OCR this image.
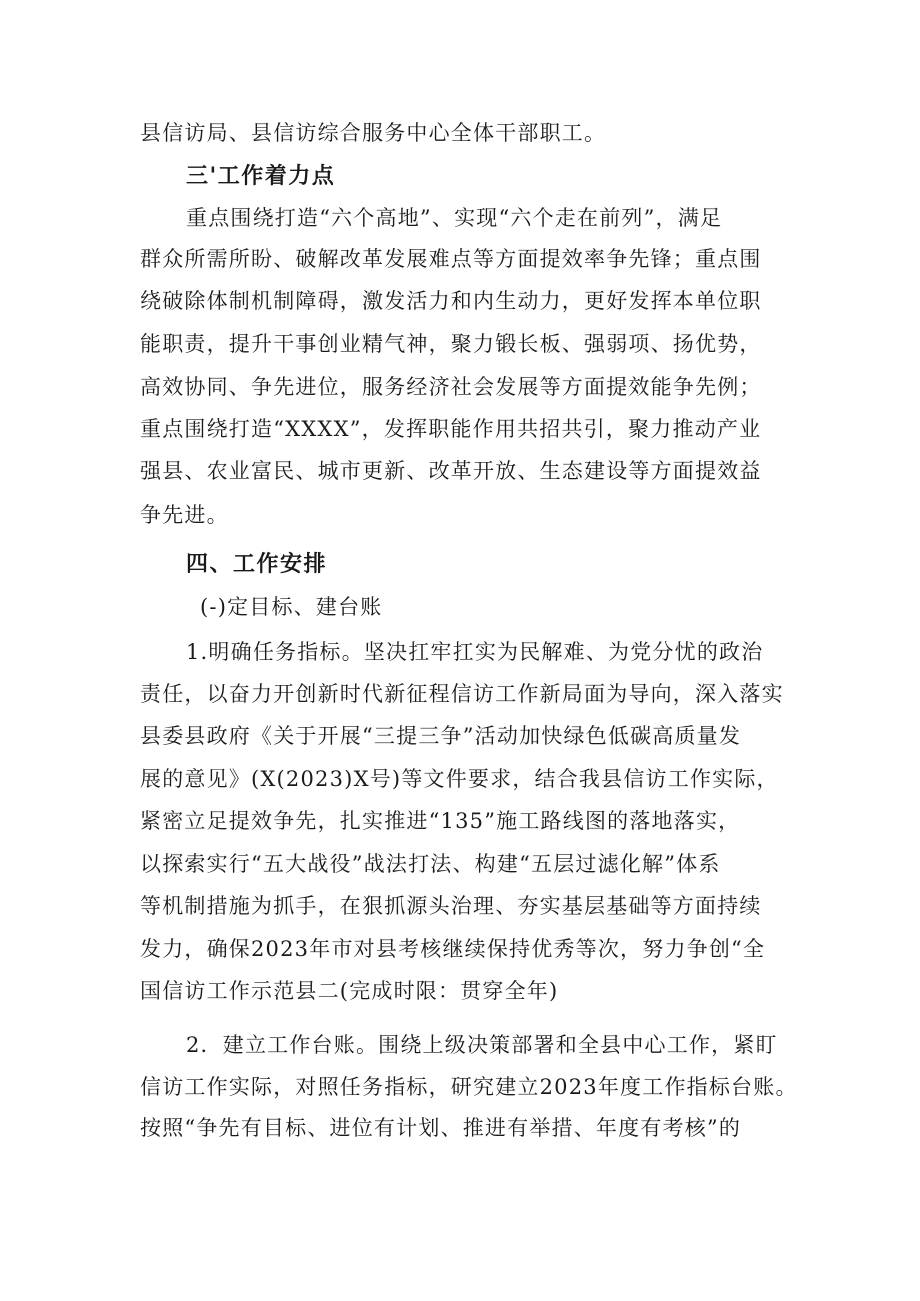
县信访局、县信访综合服务中心全体干部职工。
三'工作着力点
重点围绕打造“六个高地”、实现“六个走在前列”，满足
群众所需所盼、破解改革发展难点等方面提效率争先锋；重点围
绕破除体制机制障碍，激发活力和内生动力，更好发挥本单位职
能职责，提升干事创业精气神，聚力锻长板、强弱项、扬优势，
高效协同、争先进位，服务经济社会发展等方面提效能争先例；
重点围绕打造“XXXX”，发挥职能作用共招共引，聚力推动产业
强县、农业富民、城市更新、改革开放、生态建设等方面提效益
争先进。
四、工作安排
(-)定目标、建台账
1.明确任务指标。坚决扛牢扛实为民解难、为党分忧的政治
责任，以奋力开创新时代新征程信访工作新局面为导向，深入落实
县委县政府《关于开展“三提三争”活动加快绿色低碳高质量发
展的意见》(X(2023)X号)等文件要求，结合我县信访工作实际，
紧密立足提效争先，扎实推进“135”施工路线图的落地落实，
以探索实行“五大战役”战法打法、构建“五层过滤化解”体系
等机制措施为抓手，在狠抓源头治理、夯实基层基础等方面持续
发力，确保2023年市对县考核继续保持优秀等次，努力争创“全
国信访工作示范县二(完成时限：贯穿全年)
2．建立工作台账。围绕上级决策部署和全县中心工作，紧盯
信访工作实际，对照任务指标，研究建立2023年度工作指标台账。
按照“争先有目标、进位有计划、推进有举措、年度有考核”的
